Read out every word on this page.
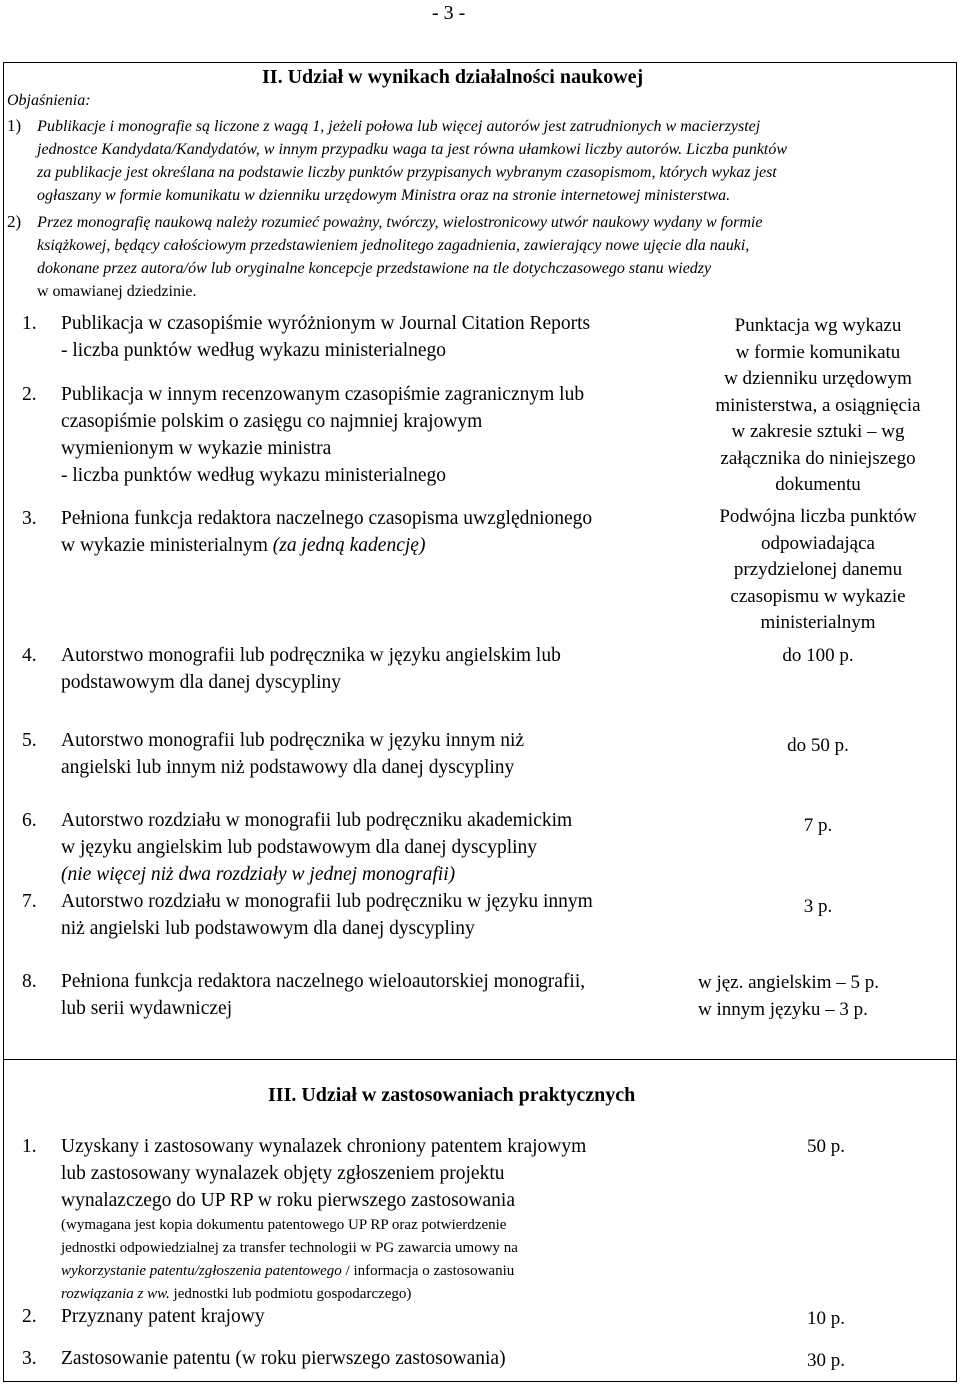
- 3 -
II. Udział w wynikach działalności naukowej
Objaśnienia:
1) Publikacje i monografie są liczone z wagą 1, jeżeli połowa lub więcej autorów jest zatrudnionych w macierzystej
jednostce Kandydata/Kandydatów, w innym przypadku waga ta jest równa ułamkowi liczby autorów. Liczba punktów
za publikacje jest określana na podstawie liczby punktów przypisanych wybranym czasopismom, których wykaz jest
ogłaszany w formie komunikatu w dzienniku urzędowym Ministra oraz na stronie internetowej ministerstwa.
2) Przez monografię naukową należy rozumieć poważny, twórczy, wielostronicowy utwór naukowy wydany w formie
książkowej, będący całościowym przedstawieniem jednolitego zagadnienia, zawierający nowe ujęcie dla nauki,
dokonane przez autora/ów lub oryginalne koncepcje przedstawione na tle dotychczasowego stanu wiedzy
w omawianej dziedzinie.
1. Publikacja w czasopiśmie wyróżnionym w Journal Citation Reports
- liczba punktów według wykazu ministerialnego
2. Publikacja w innym recenzowanym czasopiśmie zagranicznym lub
czasopiśmie polskim o zasięgu co najmniej krajowym
wymienionym w wykazie ministra
- liczba punktów według wykazu ministerialnego
3. Pełniona funkcja redaktora naczelnego czasopisma uwzględnionego
w wykazie ministerialnym (za jedną kadencję)
4. Autorstwo monografii lub podręcznika w języku angielskim lub
podstawowym dla danej dyscypliny
5. Autorstwo monografii lub podręcznika w języku innym niż
angielski lub innym niż podstawowy dla danej dyscypliny
6. Autorstwo rozdziału w monografii lub podręczniku akademickim
w języku angielskim lub podstawowym dla danej dyscypliny
(nie więcej niż dwa rozdziały w jednej monografii)
7. Autorstwo rozdziału w monografii lub podręczniku w języku innym
niż angielski lub podstawowym dla danej dyscypliny
8. Pełniona funkcja redaktora naczelnego wieloautorskiej monografii,
lub serii wydawniczej
Punktacja wg wykazu
w formie komunikatu
w dzienniku urzędowym
ministerstwa, a osiągnięcia
w zakresie sztuki – wg
załącznika do niniejszego
dokumentu
Podwójna liczba punktów
odpowiadająca
przydzielonej danemu
czasopismu w wykazie
ministerialnym
do 100 p.
do 50 p.
7 p.
3 p.
w jęz. angielskim – 5 p.
w innym języku – 3 p.
III. Udział w zastosowaniach praktycznych
1. Uzyskany i zastosowany wynalazek chroniony patentem krajowym
lub zastosowany wynalazek objęty zgłoszeniem projektu
wynalazczego do UP RP w roku pierwszego zastosowania
(wymagana jest kopia dokumentu patentowego UP RP oraz potwierdzenie
jednostki odpowiedzialnej za transfer technologii w PG zawarcia umowy na
wykorzystanie patentu/zgłoszenia patentowego / informacja o zastosowaniu
rozwiązania z ww. jednostki lub podmiotu gospodarczego)
50 p.
2. Przyznany patent krajowy	10 p.
3. Zastosowanie patentu (w roku pierwszego zastosowania)	30 p.
